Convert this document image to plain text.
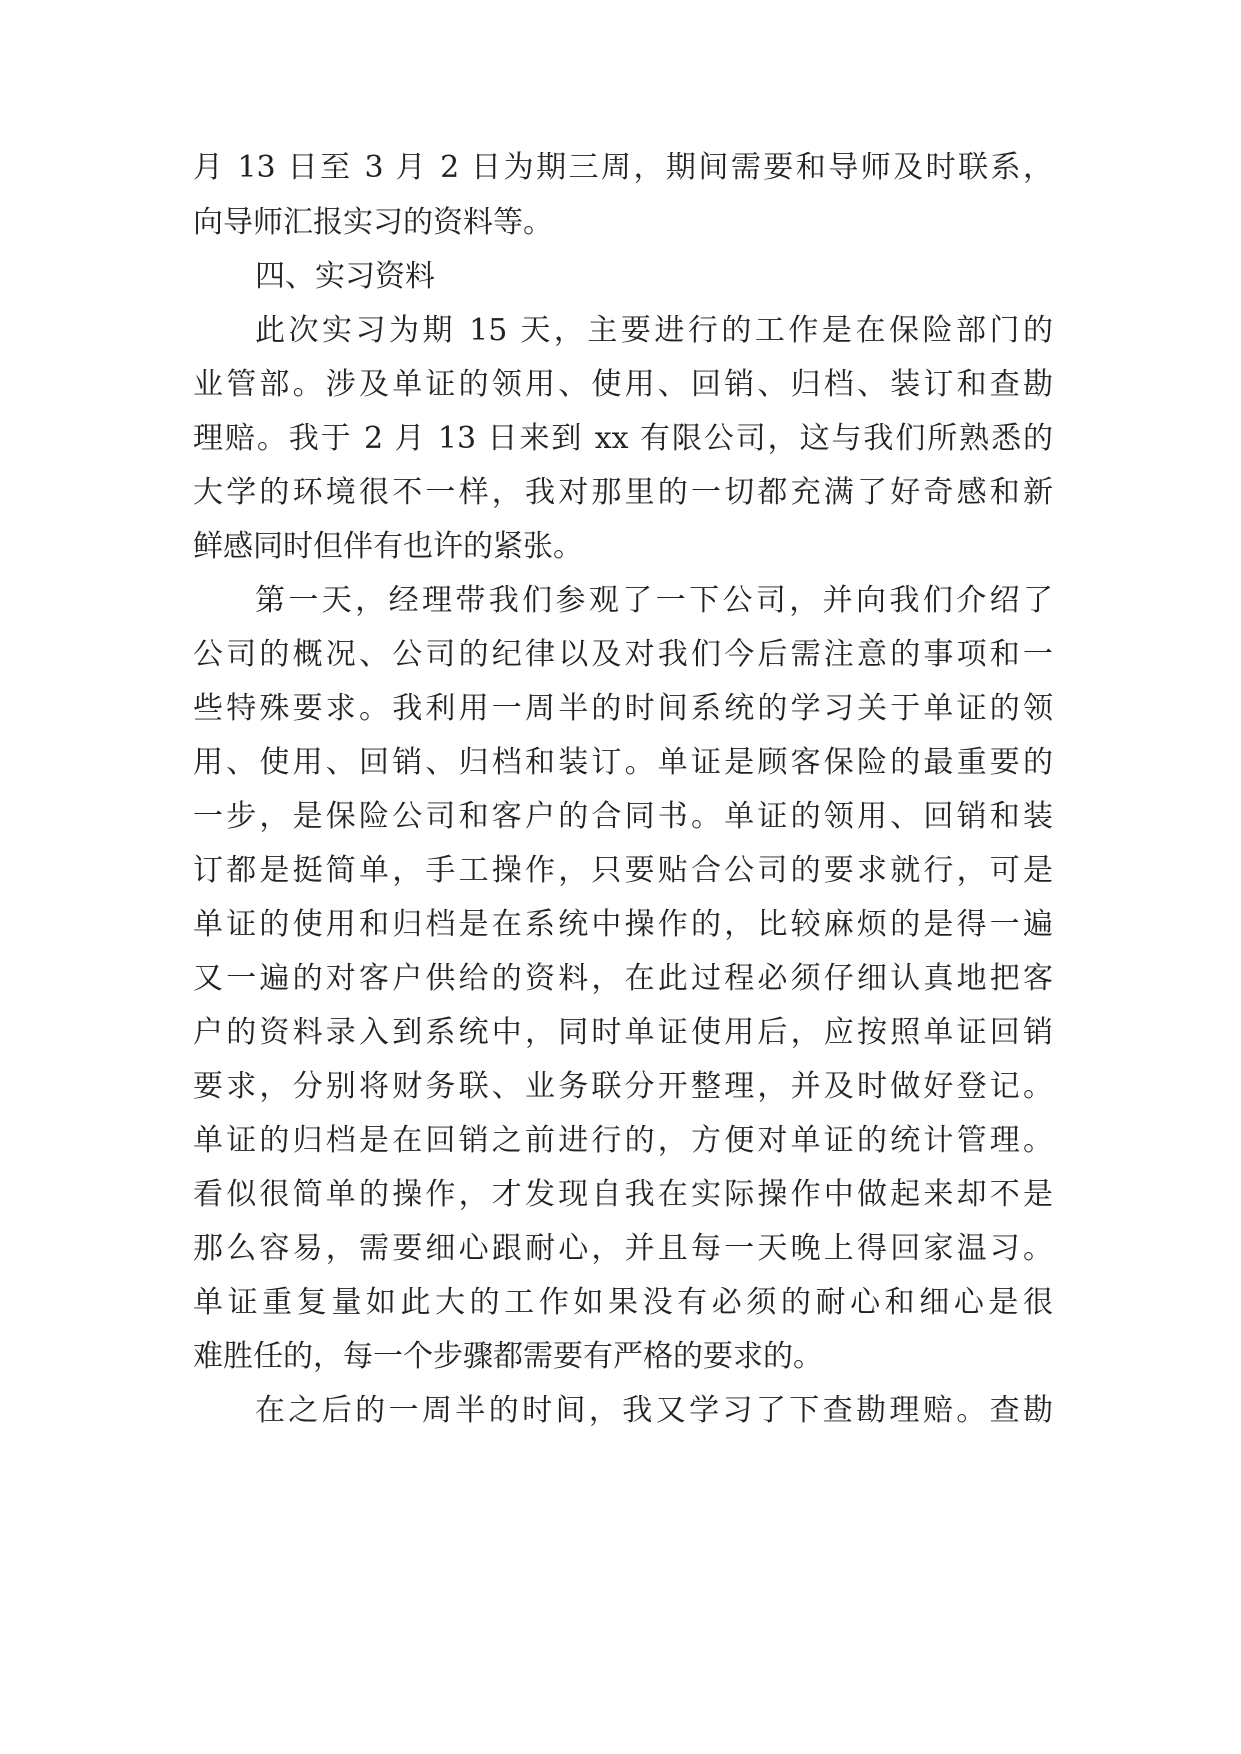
月 13 日至 3 月 2 日为期三周，期间需要和导师及时联系，
向导师汇报实习的资料等。
四、实习资料
此次实习为期 15 天，主要进行的工作是在保险部门的
业管部。涉及单证的领用、使用、回销、归档、装订和查勘
理赔。我于 2 月 13 日来到 xx 有限公司，这与我们所熟悉的
大学的环境很不一样，我对那里的一切都充满了好奇感和新
鲜感同时但伴有也许的紧张。
第一天，经理带我们参观了一下公司，并向我们介绍了
公司的概况、公司的纪律以及对我们今后需注意的事项和一
些特殊要求。我利用一周半的时间系统的学习关于单证的领
用、使用、回销、归档和装订。单证是顾客保险的最重要的
一步，是保险公司和客户的合同书。单证的领用、回销和装
订都是挺简单，手工操作，只要贴合公司的要求就行，可是
单证的使用和归档是在系统中操作的，比较麻烦的是得一遍
又一遍的对客户供给的资料，在此过程必须仔细认真地把客
户的资料录入到系统中，同时单证使用后，应按照单证回销
要求，分别将财务联、业务联分开整理，并及时做好登记。
单证的归档是在回销之前进行的，方便对单证的统计管理。
看似很简单的操作，才发现自我在实际操作中做起来却不是
那么容易，需要细心跟耐心，并且每一天晚上得回家温习。
单证重复量如此大的工作如果没有必须的耐心和细心是很
难胜任的，每一个步骤都需要有严格的要求的。
在之后的一周半的时间，我又学习了下查勘理赔。查勘
